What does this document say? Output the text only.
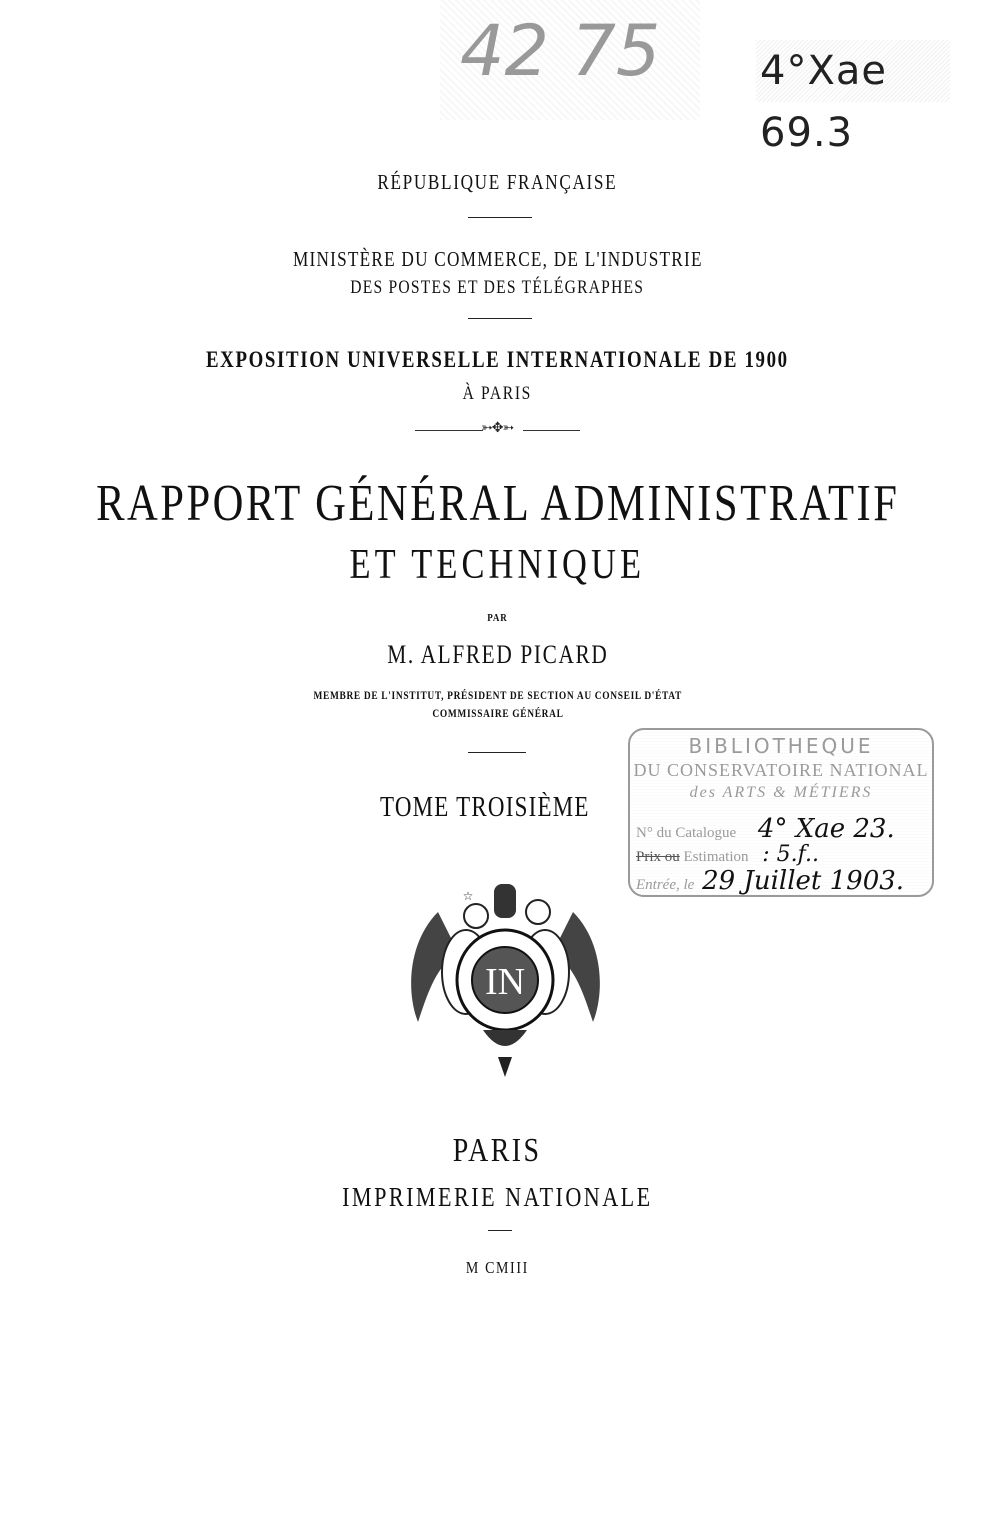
42 75 4°Xae 69.3
RÉPUBLIQUE FRANÇAISE
MINISTÈRE DU COMMERCE, DE L'INDUSTRIE
DES POSTES ET DES TÉLÉGRAPHES
EXPOSITION UNIVERSELLE INTERNATIONALE DE 1900
À PARIS
➳✥➳
RAPPORT GÉNÉRAL ADMINISTRATIF
ET TECHNIQUE
PAR
M. ALFRED PICARD
MEMBRE DE L'INSTITUT, PRÉSIDENT DE SECTION AU CONSEIL D'ÉTAT
COMMISSAIRE GÉNÉRAL
TOME TROISIÈME
BIBLIOTHEQUE
DU CONSERVATOIRE NATIONAL
des ARTS & MÉTIERS
N° du Catalogue 4° Xae 23.
Prix ou Estimation : 5.f..
Entrée, le 29 Juillet 1903.
☆
IN
PARIS
IMPRIMERIE NATIONALE
M CMIII
